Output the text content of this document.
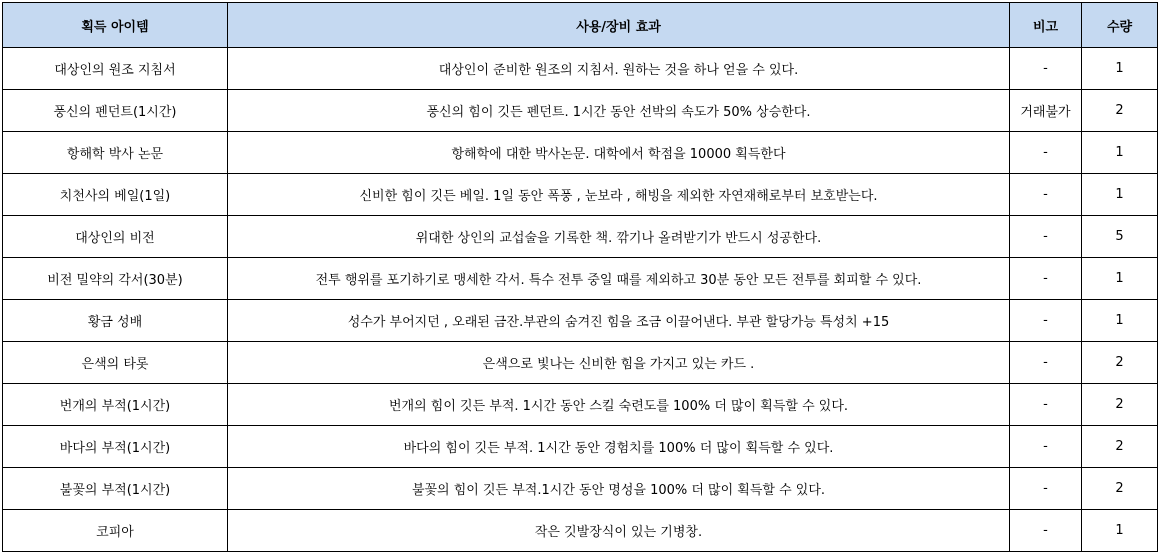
획득 아이템	사용/장비 효과	비고	수량
대상인의 원조 지침서	대상인이 준비한 원조의 지침서. 원하는 것을 하나 얻을 수 있다.	-	1
풍신의 펜던트(1시간)	풍신의 힘이 깃든 펜던트. 1시간 동안 선박의 속도가 50% 상승한다.	거래불가	2
항해학 박사 논문	항해학에 대한 박사논문. 대학에서 학점을 10000 획득한다	-	1
치천사의 베일(1일)	신비한 힘이 깃든 베일. 1일 동안 폭풍 , 눈보라 , 해빙을 제외한 자연재해로부터 보호받는다.	-	1
대상인의 비전	위대한 상인의 교섭술을 기록한 책. 깎기나 올려받기가 반드시 성공한다.	-	5
비전 밀약의 각서(30분)	전투 행위를 포기하기로 맹세한 각서. 특수 전투 중일 때를 제외하고 30분 동안 모든 전투를 회피할 수 있다.	-	1
황금 성배	성수가 부어지던 , 오래된 금잔.부관의 숨겨진 힘을 조금 이끌어낸다. 부관 할당가능 특성치 +15	-	1
은색의 타롯	은색으로 빛나는 신비한 힘을 가지고 있는 카드 .	-	2
번개의 부적(1시간)	번개의 힘이 깃든 부적. 1시간 동안 스킬 숙련도를 100% 더 많이 획득할 수 있다.	-	2
바다의 부적(1시간)	바다의 힘이 깃든 부적. 1시간 동안 경험치를 100% 더 많이 획득할 수 있다.	-	2
불꽃의 부적(1시간)	불꽃의 힘이 깃든 부적.1시간 동안 명성을 100% 더 많이 획득할 수 있다.	-	2
코피아	작은 깃발장식이 있는 기병창.	-	1
